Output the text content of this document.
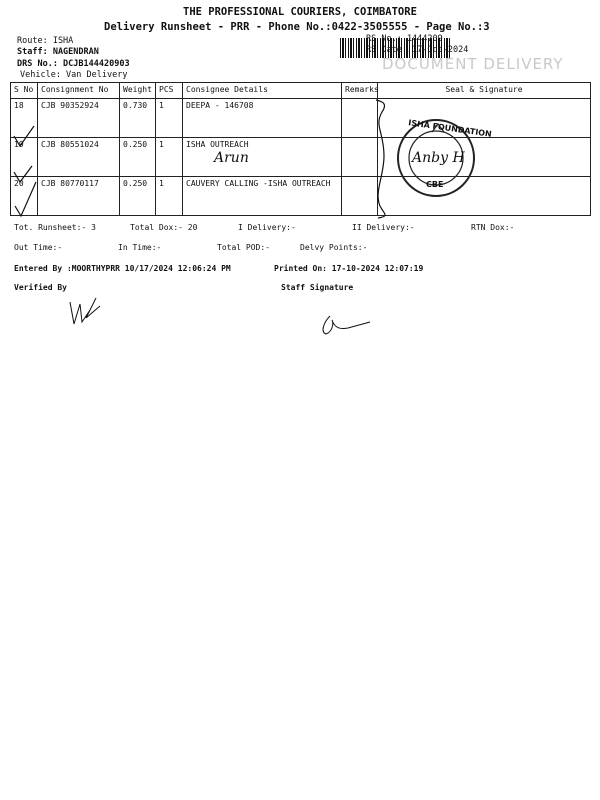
THE PROFESSIONAL COURIERS, COIMBATORE
Delivery Runsheet - PRR - Phone No.:0422-3505555 - Page No.:3
Route: ISHA
Staff: NAGENDRAN
DRS No.: DCJB144420903
Vehicle: Van Delivery
RS No.: 1444209
RS Date: 17-Oct-2024
DOCUMENT DELIVERY
S No	Consignment No	Weight	PCS	Consignee Details	Remarks	Seal & Signature
18	CJB 90352924	0.730	1	DEEPA - 146708		
19	CJB 80551024	0.250	1	ISHA OUTREACH
Arun		

20	CJB 80770117	0.250	1	CAUVERY CALLING -ISHA OUTREACH		
ISHA FOUNDATION
CBE
Anby H
Tot. Runsheet:- 3	Total Dox:- 20	I Delivery:-	II Delivery:-	RTN Dox:-
Out Time:-	In Time:-	Total POD:-	Delvy Points:-
Entered By :MOORTHYPRR 10/17/2024 12:06:24 PM	Printed On: 17-10-2024 12:07:19
Verified By	Staff Signature
